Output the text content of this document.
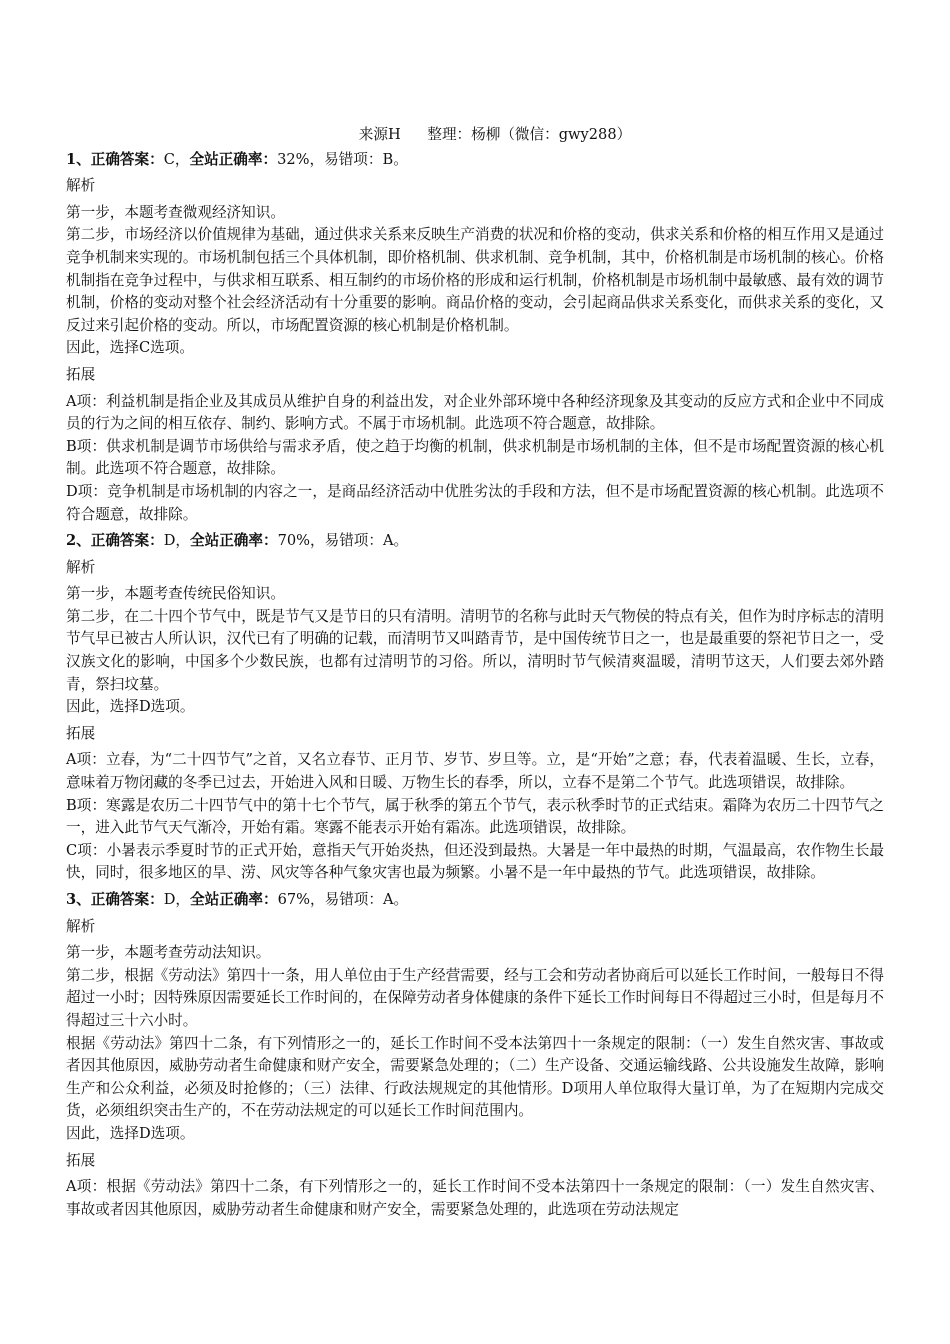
来源H 整理：杨柳（微信：gwy288）
1、正确答案：C，全站正确率：32%，易错项：B。
解析

第一步，本题考查微观经济知识。

第二步，市场经济以价值规律为基础，通过供求关系来反映生产消费的状况和价格的变动，供求关系和价格的相互作用又是通过竞争机制来实现的。市场机制包括三个具体机制，即价格机制、供求机制、竞争机制，其中，价格机制是市场机制的核心。价格机制指在竞争过程中，与供求相互联系、相互制约的市场价格的形成和运行机制，价格机制是市场机制中最敏感、最有效的调节机制，价格的变动对整个社会经济活动有十分重要的影响。商品价格的变动，会引起商品供求关系变化，而供求关系的变化，又反过来引起价格的变动。所以，市场配置资源的核心机制是价格机制。

因此，选择C选项。

拓展

A项：利益机制是指企业及其成员从维护自身的利益出发，对企业外部环境中各种经济现象及其变动的反应方式和企业中不同成员的行为之间的相互依存、制约、影响方式。不属于市场机制。此选项不符合题意，故排除。

B项：供求机制是调节市场供给与需求矛盾，使之趋于均衡的机制，供求机制是市场机制的主体，但不是市场配置资源的核心机制。此选项不符合题意，故排除。

D项：竞争机制是市场机制的内容之一，是商品经济活动中优胜劣汰的手段和方法，但不是市场配置资源的核心机制。此选项不符合题意，故排除。

2、正确答案：D，全站正确率：70%，易错项：A。
解析

第一步，本题考查传统民俗知识。

第二步，在二十四个节气中，既是节气又是节日的只有清明。清明节的名称与此时天气物侯的特点有关，但作为时序标志的清明节气早已被古人所认识，汉代已有了明确的记载，而清明节又叫踏青节，是中国传统节日之一，也是最重要的祭祀节日之一，受汉族文化的影响，中国多个少数民族，也都有过清明节的习俗。所以，清明时节气候清爽温暖，清明节这天，人们要去郊外踏青，祭扫坟墓。

因此，选择D选项。

拓展

A项：立春，为“二十四节气”之首，又名立春节、正月节、岁节、岁旦等。立，是“开始”之意；春，代表着温暖、生长，立春，意味着万物闭藏的冬季已过去，开始进入风和日暖、万物生长的春季，所以，立春不是第二个节气。此选项错误，故排除。

B项：寒露是农历二十四节气中的第十七个节气，属于秋季的第五个节气，表示秋季时节的正式结束。霜降为农历二十四节气之一，进入此节气天气渐冷，开始有霜。寒露不能表示开始有霜冻。此选项错误，故排除。

C项：小暑表示季夏时节的正式开始，意指天气开始炎热，但还没到最热。大暑是一年中最热的时期，气温最高，农作物生长最快，同时，很多地区的旱、涝、风灾等各种气象灾害也最为频繁。小暑不是一年中最热的节气。此选项错误，故排除。

3、正确答案：D，全站正确率：67%，易错项：A。
解析

第一步，本题考查劳动法知识。

第二步，根据《劳动法》第四十一条，用人单位由于生产经营需要，经与工会和劳动者协商后可以延长工作时间，一般每日不得超过一小时；因特殊原因需要延长工作时间的，在保障劳动者身体健康的条件下延长工作时间每日不得超过三小时，但是每月不得超过三十六小时。

根据《劳动法》第四十二条，有下列情形之一的，延长工作时间不受本法第四十一条规定的限制：（一）发生自然灾害、事故或者因其他原因，威胁劳动者生命健康和财产安全，需要紧急处理的；（二）生产设备、交通运输线路、公共设施发生故障，影响生产和公众利益，必须及时抢修的；（三）法律、行政法规规定的其他情形。D项用人单位取得大量订单，为了在短期内完成交货，必须组织突击生产的，不在劳动法规定的可以延长工作时间范围内。

因此，选择D选项。

拓展

A项：根据《劳动法》第四十二条，有下列情形之一的，延长工作时间不受本法第四十一条规定的限制：（一）发生自然灾害、事故或者因其他原因，威胁劳动者生命健康和财产安全，需要紧急处理的，此选项在劳动法规定
